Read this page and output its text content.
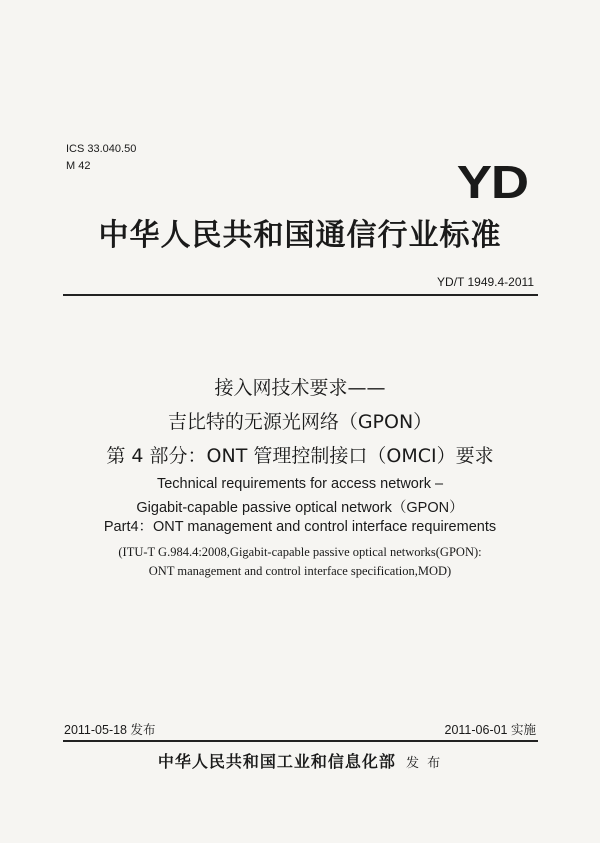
ICS 33.040.50
M 42	YD
中华人民共和国通信行业标准
YD/T 1949.4-2011
接入网技术要求——
吉比特的无源光网络（GPON）
第 4 部分：ONT 管理控制接口（OMCI）要求
Technical requirements for access network –
Gigabit-capable passive optical network（GPON）
Part4：ONT management and control interface requirements
(ITU-T G.984.4:2008,Gigabit-capable passive optical networks(GPON):
ONT management and control interface specification,MOD)
2011-05-18 发布	2011-06-01 实施
中华人民共和国工业和信息化部 发 布
